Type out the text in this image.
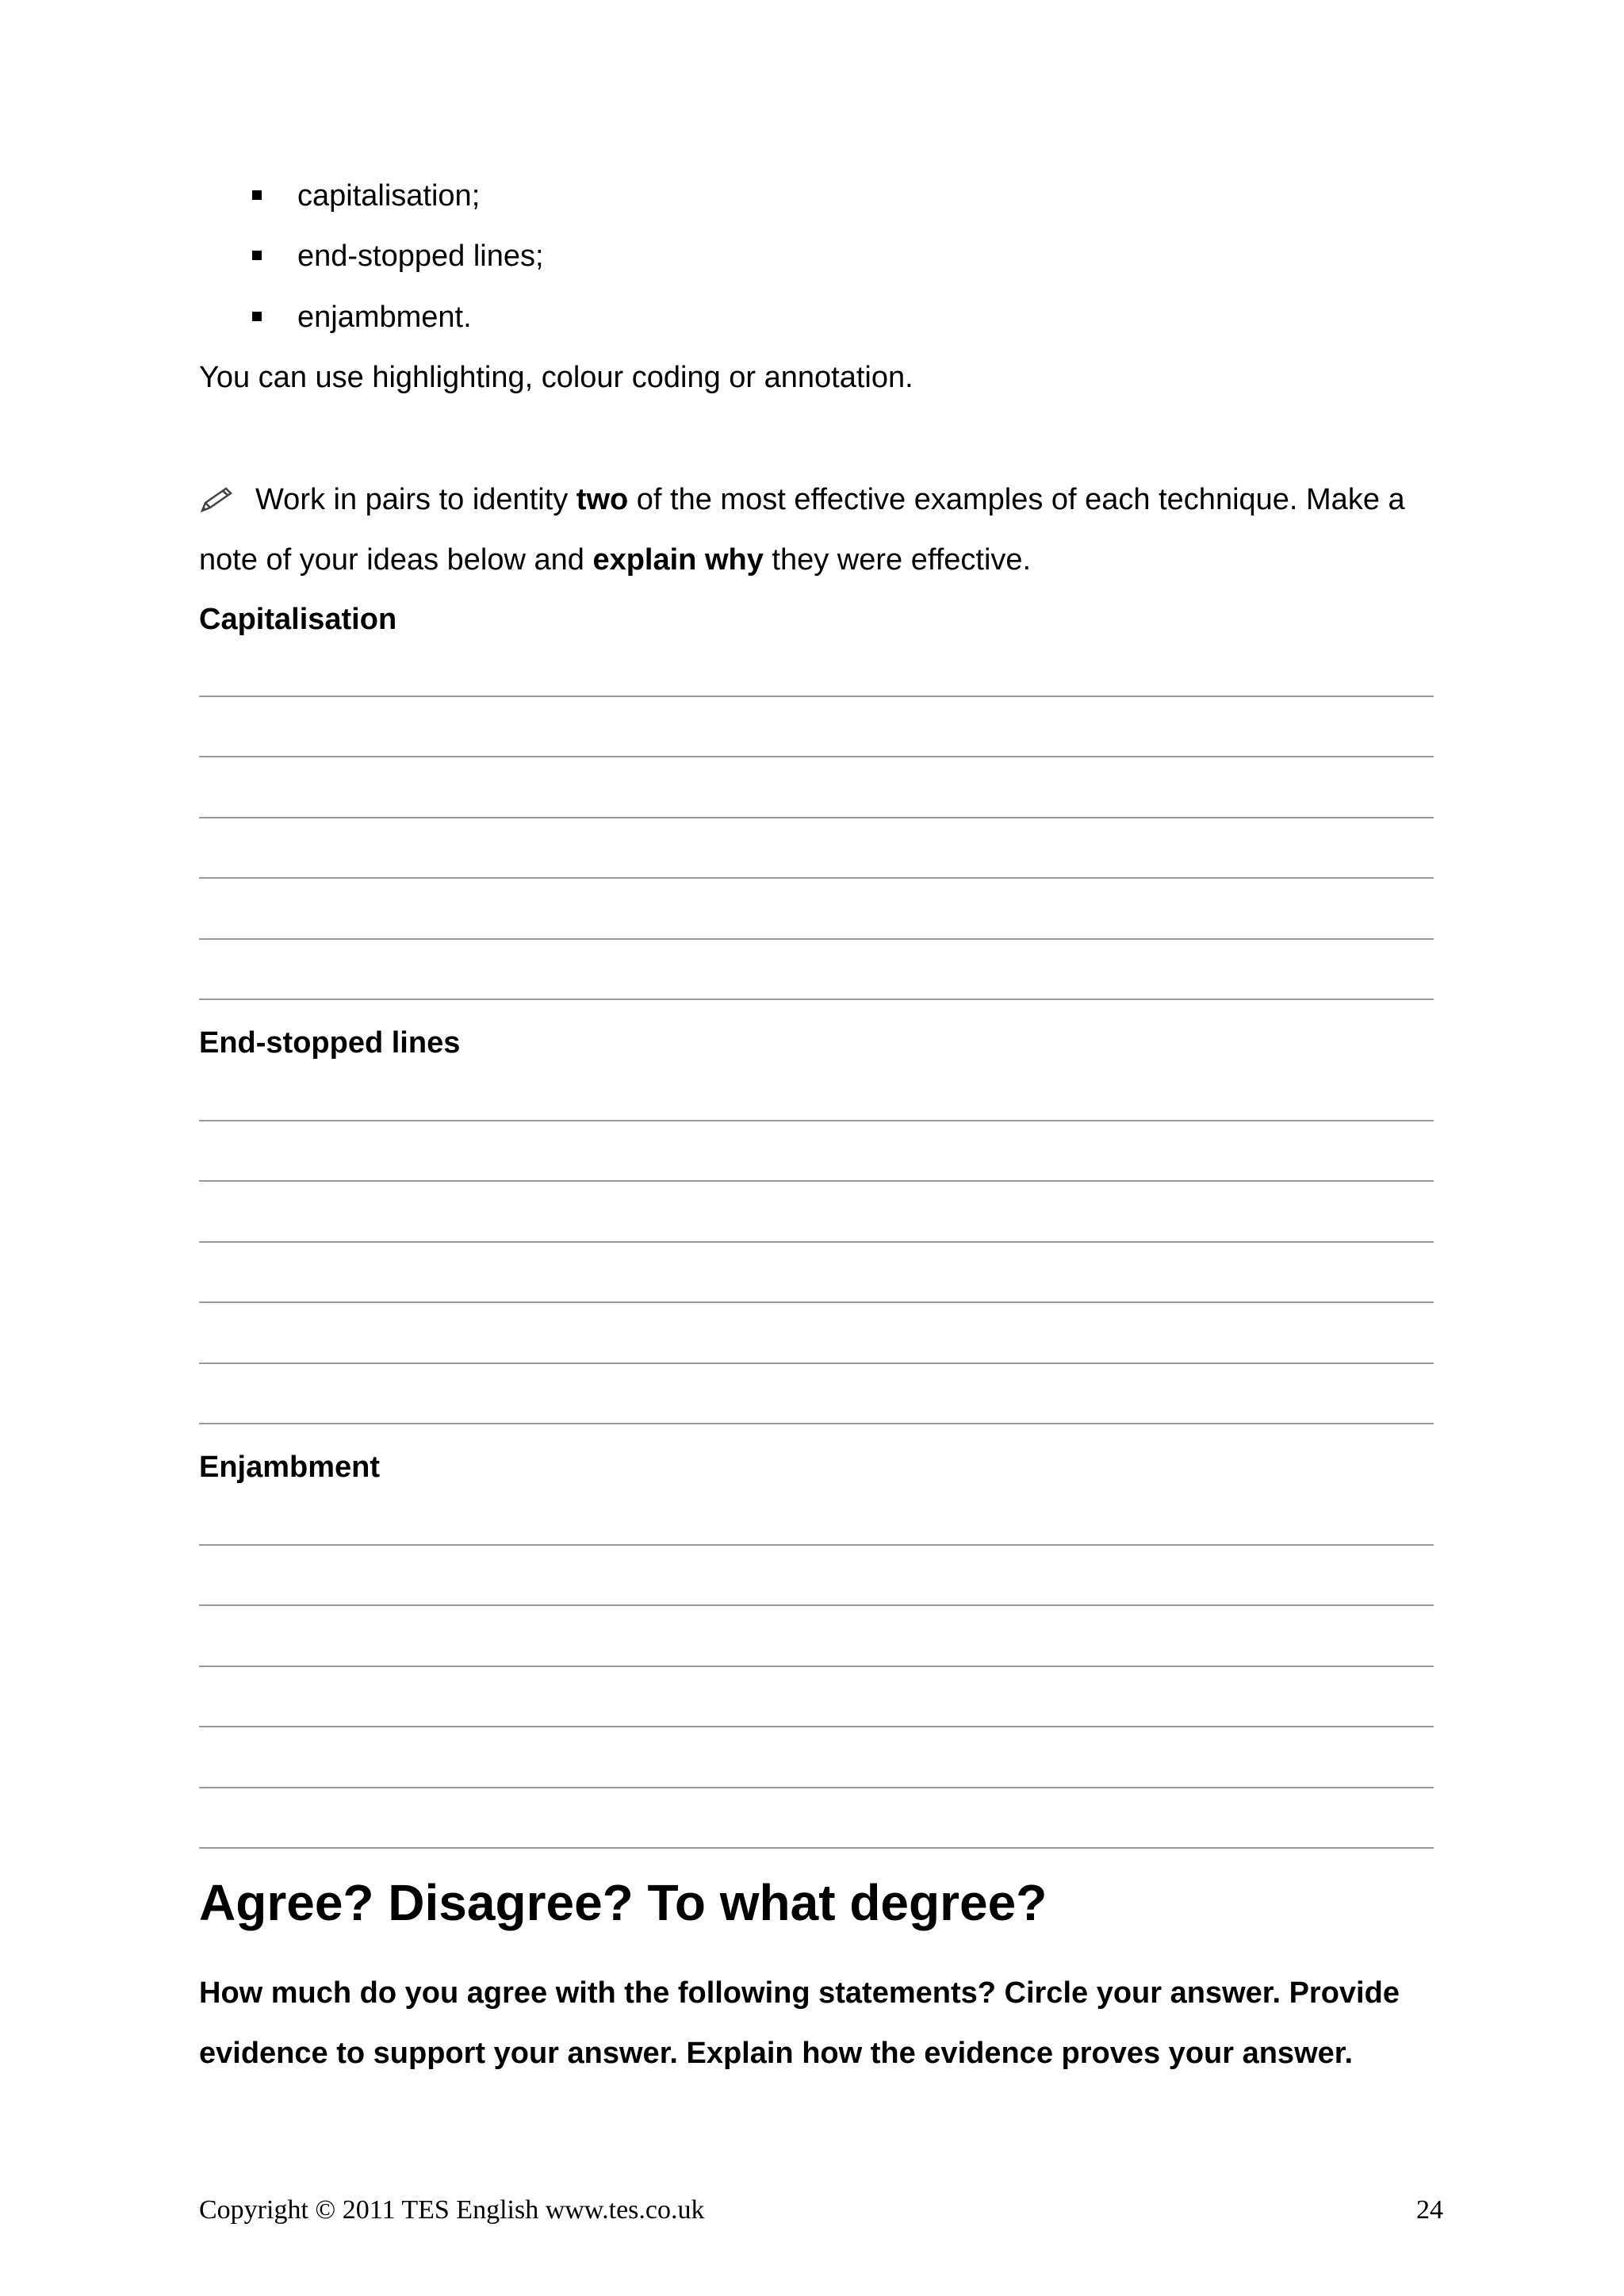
capitalisation;
end-stopped lines;
enjambment.
You can use highlighting, colour coding or annotation.
Work in pairs to identity two of the most effective examples of each technique. Make a
note of your ideas below and explain why they were effective.
Capitalisation
End-stopped lines
Enjambment
Agree? Disagree? To what degree?
How much do you agree with the following statements? Circle your answer. Provide
evidence to support your answer. Explain how the evidence proves your answer.
Copyright © 2011 TES English www.tes.co.uk	24
